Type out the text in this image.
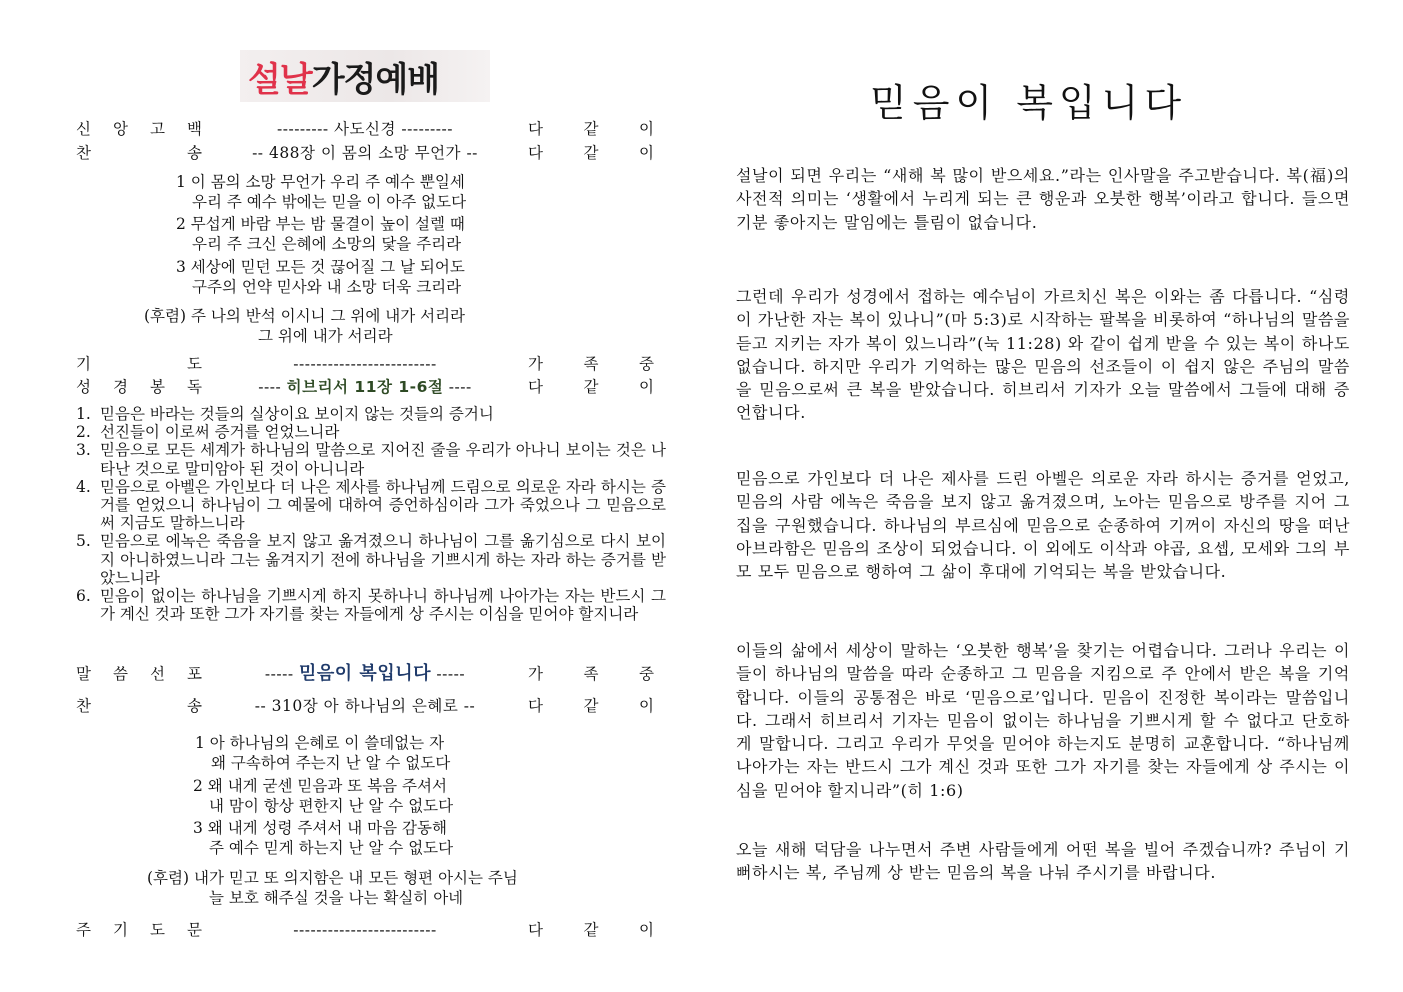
설날 가정예배
신 앙 고 백	--------- 사도신경 ---------	다	같	이
찬	송	-- 488장 이 몸의 소망 무언가 --	다	같	이
1 이 몸의 소망 무언가 우리 주 예수 뿐일세
우리 주 예수 밖에는 믿을 이 아주 없도다
2 무섭게 바람 부는 밤 물결이 높이 설렐 때
우리 주 크신 은혜에 소망의 닻을 주리라
3 세상에 믿던 모든 것 끊어질 그 날 되어도
구주의 언약 믿사와 내 소망 더욱 크리라
(후렴) 주 나의 반석 이시니 그 위에 내가 서리라
그 위에 내가 서리라
기	도	-------------------------	가	족	중
성 경 봉 독	---- 히브리서 11장 1-6절 ----	다	같	이
1. 믿음은 바라는 것들의 실상이요 보이지 않는 것들의 증거니
2. 선진들이 이로써 증거를 얻었느니라
3. 믿음으로 모든 세계가 하나님의 말씀으로 지어진 줄을 우리가 아나니 보이는 것은 나타난 것으로 말미암아 된 것이 아니니라
4. 믿음으로 아벨은 가인보다 더 나은 제사를 하나님께 드림으로 의로운 자라 하시는 증거를 얻었으니 하나님이 그 예물에 대하여 증언하심이라 그가 죽었으나 그 믿음으로써 지금도 말하느니라
5. 믿음으로 에녹은 죽음을 보지 않고 옮겨졌으니 하나님이 그를 옮기심으로 다시 보이지 아니하였느니라 그는 옮겨지기 전에 하나님을 기쁘시게 하는 자라 하는 증거를 받았느니라
6. 믿음이 없이는 하나님을 기쁘시게 하지 못하나니 하나님께 나아가는 자는 반드시 그가 계신 것과 또한 그가 자기를 찾는 자들에게 상 주시는 이심을 믿어야 할지니라
말 씀 선 포	----- 믿음이 복입니다 -----	가	족	중
찬	송	-- 310장 아 하나님의 은혜로 --	다	같	이
1 아 하나님의 은혜로 이 쓸데없는 자
왜 구속하여 주는지 난 알 수 없도다
2 왜 내게 굳센 믿음과 또 복음 주셔서
내 맘이 항상 편한지 난 알 수 없도다
3 왜 내게 성령 주셔서 내 마음 감동해
주 예수 믿게 하는지 난 알 수 없도다
(후렴) 내가 믿고 또 의지함은 내 모든 형편 아시는 주님
늘 보호 해주실 것을 나는 확실히 아네
주 기 도 문	-------------------------	다	같	이
믿음이 복입니다

설날이 되면 우리는 “새해 복 많이 받으세요.”라는 인사말을 주고받습니다. 복(福)의 사전적 의미는 ‘생활에서 누리게 되는 큰 행운과 오붓한 행복’이라고 합니다. 들으면 기분 좋아지는 말임에는 틀림이 없습니다.

그런데 우리가 성경에서 접하는 예수님이 가르치신 복은 이와는 좀 다릅니다. “심령이 가난한 자는 복이 있나니”(마 5:3)로 시작하는 팔복을 비롯하여 “하나님의 말씀을 듣고 지키는 자가 복이 있느니라”(눅 11:28) 와 같이 쉽게 받을 수 있는 복이 하나도 없습니다. 하지만 우리가 기억하는 많은 믿음의 선조들이 이 쉽지 않은 주님의 말씀을 믿음으로써 큰 복을 받았습니다. 히브리서 기자가 오늘 말씀에서 그들에 대해 증언합니다.

믿음으로 가인보다 더 나은 제사를 드린 아벨은 의로운 자라 하시는 증거를 얻었고, 믿음의 사람 에녹은 죽음을 보지 않고 옮겨졌으며, 노아는 믿음으로 방주를 지어 그 집을 구원했습니다. 하나님의 부르심에 믿음으로 순종하여 기꺼이 자신의 땅을 떠난 아브라함은 믿음의 조상이 되었습니다. 이 외에도 이삭과 야곱, 요셉, 모세와 그의 부모 모두 믿음으로 행하여 그 삶이 후대에 기억되는 복을 받았습니다.

이들의 삶에서 세상이 말하는 ‘오붓한 행복’을 찾기는 어렵습니다. 그러나 우리는 이들이 하나님의 말씀을 따라 순종하고 그 믿음을 지킴으로 주 안에서 받은 복을 기억합니다. 이들의 공통점은 바로 ‘믿음으로’입니다. 믿음이 진정한 복이라는 말씀입니다. 그래서 히브리서 기자는 믿음이 없이는 하나님을 기쁘시게 할 수 없다고 단호하게 말합니다. 그리고 우리가 무엇을 믿어야 하는지도 분명히 교훈합니다. “하나님께 나아가는 자는 반드시 그가 계신 것과 또한 그가 자기를 찾는 자들에게 상 주시는 이심을 믿어야 할지니라”(히 1:6)

오늘 새해 덕담을 나누면서 주변 사람들에게 어떤 복을 빌어 주겠습니까? 주님이 기뻐하시는 복, 주님께 상 받는 믿음의 복을 나눠 주시기를 바랍니다.
